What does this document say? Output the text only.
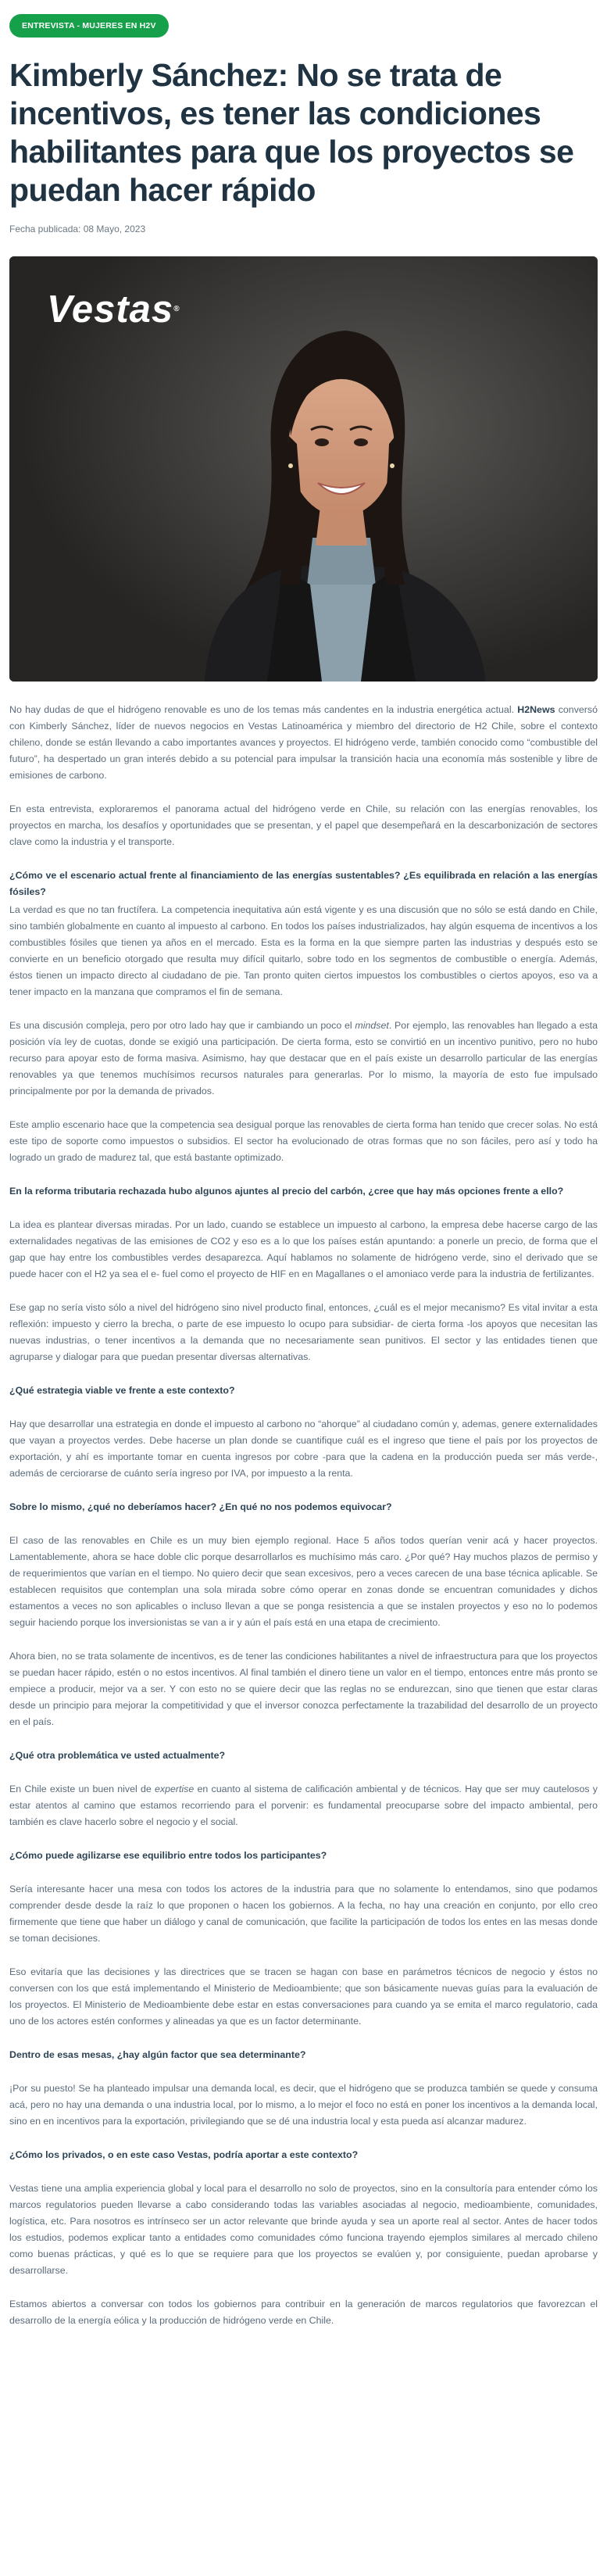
ENTREVISTA - MUJERES EN H2V
Kimberly Sánchez: No se trata de incentivos, es tener las condiciones habilitantes para que los proyectos se puedan hacer rápido
Fecha publicada: 08 Mayo, 2023
Vestas®

No hay dudas de que el hidrógeno renovable es uno de los temas más candentes en la industria energética actual. H2News conversó con Kimberly Sánchez, líder de nuevos negocios en Vestas Latinoamérica y miembro del directorio de H2 Chile, sobre el contexto chileno, donde se están llevando a cabo importantes avances y proyectos. El hidrógeno verde, también conocido como “combustible del futuro”, ha despertado un gran interés debido a su potencial para impulsar la transición hacia una economía más sostenible y libre de emisiones de carbono.

En esta entrevista, exploraremos el panorama actual del hidrógeno verde en Chile, su relación con las energías renovables, los proyectos en marcha, los desafíos y oportunidades que se presentan, y el papel que desempeñará en la descarbonización de sectores clave como la industria y el transporte.

¿Cómo ve el escenario actual frente al financiamiento de las energías sustentables? ¿Es equilibrada en relación a las energías fósiles?

La verdad es que no tan fructífera. La competencia inequitativa aún está vigente y es una discusión que no sólo se está dando en Chile, sino también globalmente en cuanto al impuesto al carbono. En todos los países industrializados, hay algún esquema de incentivos a los combustibles fósiles que tienen ya años en el mercado. Esta es la forma en la que siempre parten las industrias y después esto se convierte en un beneficio otorgado que resulta muy difícil quitarlo, sobre todo en los segmentos de combustible o energía. Además, éstos tienen un impacto directo al ciudadano de pie. Tan pronto quiten ciertos impuestos los combustibles o ciertos apoyos, eso va a tener impacto en la manzana que compramos el fin de semana.

Es una discusión compleja, pero por otro lado hay que ir cambiando un poco el mindset. Por ejemplo, las renovables han llegado a esta posición vía ley de cuotas, donde se exigió una participación. De cierta forma, esto se convirtió en un incentivo punitivo, pero no hubo recurso para apoyar esto de forma masiva. Asimismo, hay que destacar que en el país existe un desarrollo particular de las energías renovables ya que tenemos muchísimos recursos naturales para generarlas. Por lo mismo, la mayoría de esto fue impulsado principalmente por por la demanda de privados.

Este amplio escenario hace que la competencia sea desigual porque las renovables de cierta forma han tenido que crecer solas. No está este tipo de soporte como impuestos o subsidios. El sector ha evolucionado de otras formas que no son fáciles, pero así y todo ha logrado un grado de madurez tal, que está bastante optimizado.

En la reforma tributaria rechazada hubo algunos ajuntes al precio del carbón, ¿cree que hay más opciones frente a ello?

La idea es plantear diversas miradas. Por un lado, cuando se establece un impuesto al carbono, la empresa debe hacerse cargo de las externalidades negativas de las emisiones de CO2 y eso es a lo que los países están apuntando: a ponerle un precio, de forma que el gap que hay entre los combustibles verdes desaparezca. Aquí hablamos no solamente de hidrógeno verde, sino el derivado que se puede hacer con el H2 ya sea el e- fuel como el proyecto de HIF en en Magallanes o el amoniaco verde para la industria de fertilizantes.

Ese gap no sería visto sólo a nivel del hidrógeno sino nivel producto final, entonces, ¿cuál es el mejor mecanismo? Es vital invitar a esta reflexión: impuesto y cierro la brecha, o parte de ese impuesto lo ocupo para subsidiar- de cierta forma -los apoyos que necesitan las nuevas industrias, o tener incentivos a la demanda que no necesariamente sean punitivos. El sector y las entidades tienen que agruparse y dialogar para que puedan presentar diversas alternativas.

¿Qué estrategia viable ve frente a este contexto?

Hay que desarrollar una estrategia en donde el impuesto al carbono no “ahorque” al ciudadano común y, ademas, genere externalidades que vayan a proyectos verdes. Debe hacerse un plan donde se cuantifique cuál es el ingreso que tiene el país por los proyectos de exportación, y ahí es importante tomar en cuenta ingresos por cobre -para que la cadena en la producción pueda ser más verde-, además de cerciorarse de cuánto sería ingreso por IVA, por impuesto a la renta.

Sobre lo mismo, ¿qué no deberíamos hacer? ¿En qué no nos podemos equivocar?

El caso de las renovables en Chile es un muy bien ejemplo regional. Hace 5 años todos querían venir acá y hacer proyectos. Lamentablemente, ahora se hace doble clic porque desarrollarlos es muchísimo más caro. ¿Por qué? Hay muchos plazos de permiso y de requerimientos que varían en el tiempo. No quiero decir que sean excesivos, pero a veces carecen de una base técnica aplicable. Se establecen requisitos que contemplan una sola mirada sobre cómo operar en zonas donde se encuentran comunidades y dichos estamentos a veces no son aplicables o incluso llevan a que se ponga resistencia a que se instalen proyectos y eso no lo podemos seguir haciendo porque los inversionistas se van a ir y aún el país está en una etapa de crecimiento.

Ahora bien, no se trata solamente de incentivos, es de tener las condiciones habilitantes a nivel de infraestructura para que los proyectos se puedan hacer rápido, estén o no estos incentivos. Al final también el dinero tiene un valor en el tiempo, entonces entre más pronto se empiece a producir, mejor va a ser. Y con esto no se quiere decir que las reglas no se endurezcan, sino que tienen que estar claras desde un principio para mejorar la competitividad y que el inversor conozca perfectamente la trazabilidad del desarrollo de un proyecto en el país.

¿Qué otra problemática ve usted actualmente?

En Chile existe un buen nivel de expertise en cuanto al sistema de calificación ambiental y de técnicos. Hay que ser muy cautelosos y estar atentos al camino que estamos recorriendo para el porvenir: es fundamental preocuparse sobre del impacto ambiental, pero también es clave hacerlo sobre el negocio y el social.

¿Cómo puede agilizarse ese equilibrio entre todos los participantes?

Sería interesante hacer una mesa con todos los actores de la industria para que no solamente lo entendamos, sino que podamos comprender desde desde la raíz lo que proponen o hacen los gobiernos. A la fecha, no hay una creación en conjunto, por ello creo firmemente que tiene que haber un diálogo y canal de comunicación, que facilite la participación de todos los entes en las mesas donde se toman decisiones.

Eso evitaría que las decisiones y las directrices que se tracen se hagan con base en parámetros técnicos de negocio y éstos no conversen con los que está implementando el Ministerio de Medioambiente; que son básicamente nuevas guías para la evaluación de los proyectos. El Ministerio de Medioambiente debe estar en estas conversaciones para cuando ya se emita el marco regulatorio, cada uno de los actores estén conformes y alineadas ya que es un factor determinante.

Dentro de esas mesas, ¿hay algún factor que sea determinante?

¡Por su puesto! Se ha planteado impulsar una demanda local, es decir, que el hidrógeno que se produzca también se quede y consuma acá, pero no hay una demanda o una industria local, por lo mismo, a lo mejor el foco no está en poner los incentivos a la demanda local, sino en en incentivos para la exportación, privilegiando que se dé una industria local y esta pueda así alcanzar madurez.

¿Cómo los privados, o en este caso Vestas, podría aportar a este contexto?

Vestas tiene una amplia experiencia global y local para el desarrollo no solo de proyectos, sino en la consultoría para entender cómo los marcos regulatorios pueden llevarse a cabo considerando todas las variables asociadas al negocio, medioambiente, comunidades, logística, etc. Para nosotros es intrínseco ser un actor relevante que brinde ayuda y sea un aporte real al sector. Antes de hacer todos los estudios, podemos explicar tanto a entidades como comunidades cómo funciona trayendo ejemplos similares al mercado chileno como buenas prácticas, y qué es lo que se requiere para que los proyectos se evalúen y, por consiguiente, puedan aprobarse y desarrollarse.

Estamos abiertos a conversar con todos los gobiernos para contribuir en la generación de marcos regulatorios que favorezcan el desarrollo de la energía eólica y la producción de hidrógeno verde en Chile.
